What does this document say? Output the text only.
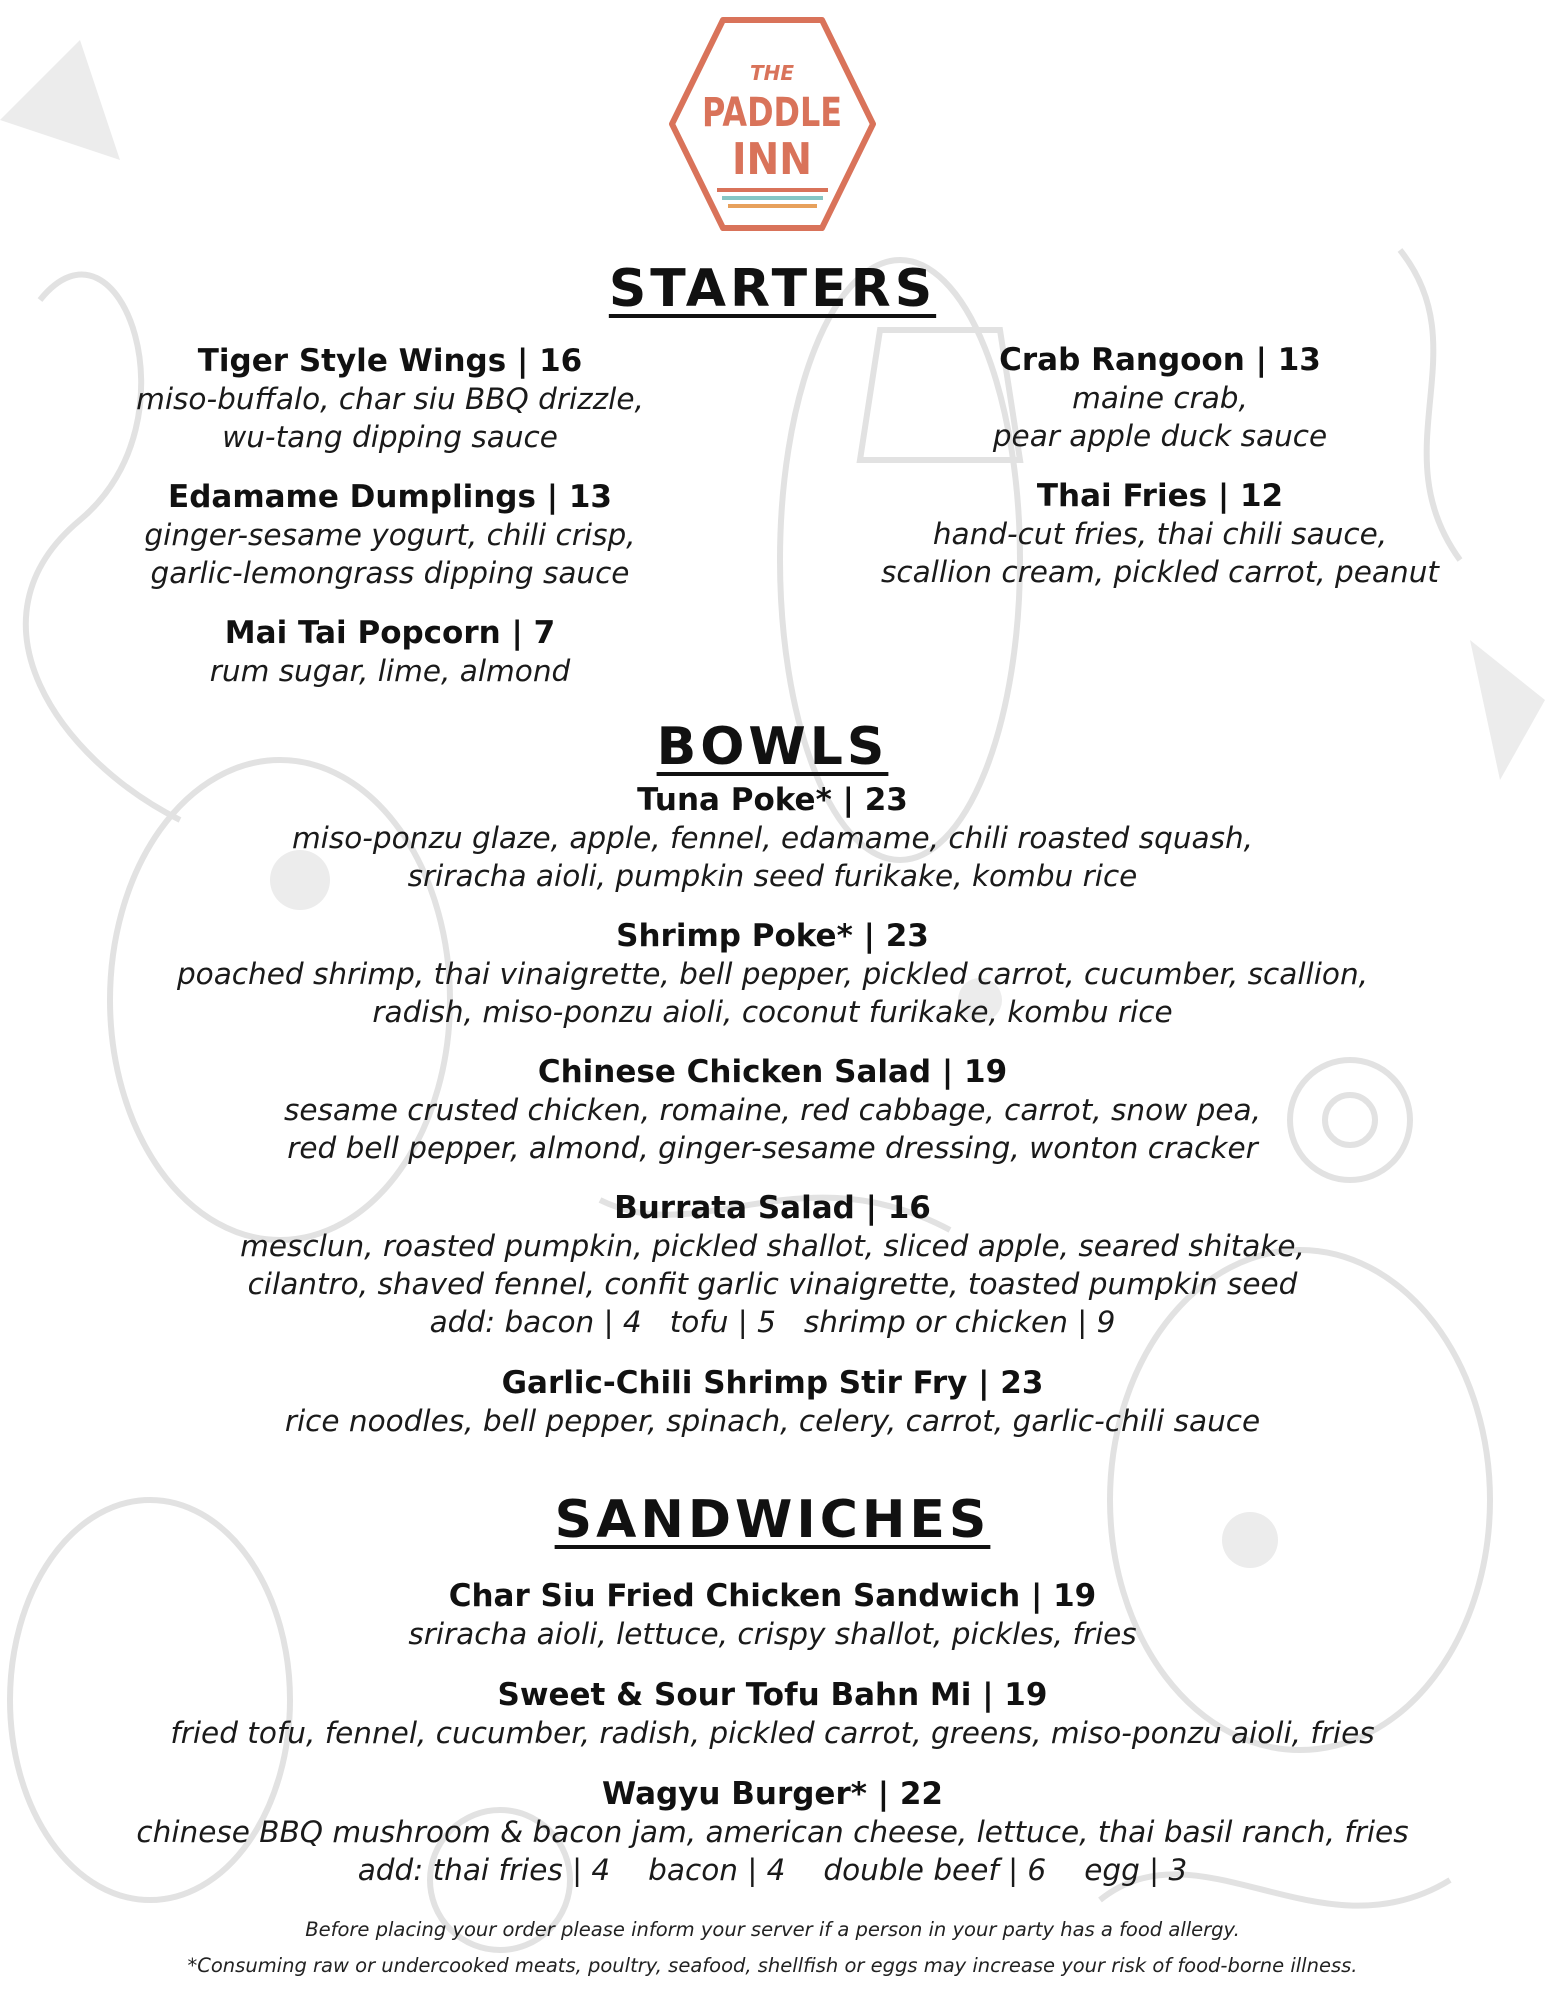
THE
PADDLE
INN
STARTERS
Tiger Style Wings | 16
miso-buffalo, char siu BBQ drizzle,
wu-tang dipping sauce
Edamame Dumplings | 13
ginger-sesame yogurt, chili crisp,
garlic-lemongrass dipping sauce
Mai Tai Popcorn | 7
rum sugar, lime, almond
Crab Rangoon | 13
maine crab,
pear apple duck sauce
Thai Fries | 12
hand-cut fries, thai chili sauce,
scallion cream, pickled carrot, peanut
BOWLS
Tuna Poke* | 23
miso-ponzu glaze, apple, fennel, edamame, chili roasted squash,
sriracha aioli, pumpkin seed furikake, kombu rice
Shrimp Poke* | 23
poached shrimp, thai vinaigrette, bell pepper, pickled carrot, cucumber, scallion,
radish, miso-ponzu aioli, coconut furikake, kombu rice
Chinese Chicken Salad | 19
sesame crusted chicken, romaine, red cabbage, carrot, snow pea,
red bell pepper, almond, ginger-sesame dressing, wonton cracker
Burrata Salad | 16
mesclun, roasted pumpkin, pickled shallot, sliced apple, seared shitake,
cilantro, shaved fennel, confit garlic vinaigrette, toasted pumpkin seed
add: bacon | 4 tofu | 5 shrimp or chicken | 9
Garlic-Chili Shrimp Stir Fry | 23
rice noodles, bell pepper, spinach, celery, carrot, garlic-chili sauce
SANDWICHES
Char Siu Fried Chicken Sandwich | 19
sriracha aioli, lettuce, crispy shallot, pickles, fries
Sweet & Sour Tofu Bahn Mi | 19
fried tofu, fennel, cucumber, radish, pickled carrot, greens, miso-ponzu aioli, fries
Wagyu Burger* | 22
chinese BBQ mushroom & bacon jam, american cheese, lettuce, thai basil ranch, fries
add: thai fries | 4 bacon | 4 double beef | 6 egg | 3
Before placing your order please inform your server if a person in your party has a food allergy.
*Consuming raw or undercooked meats, poultry, seafood, shellfish or eggs may increase your risk of food-borne illness.
